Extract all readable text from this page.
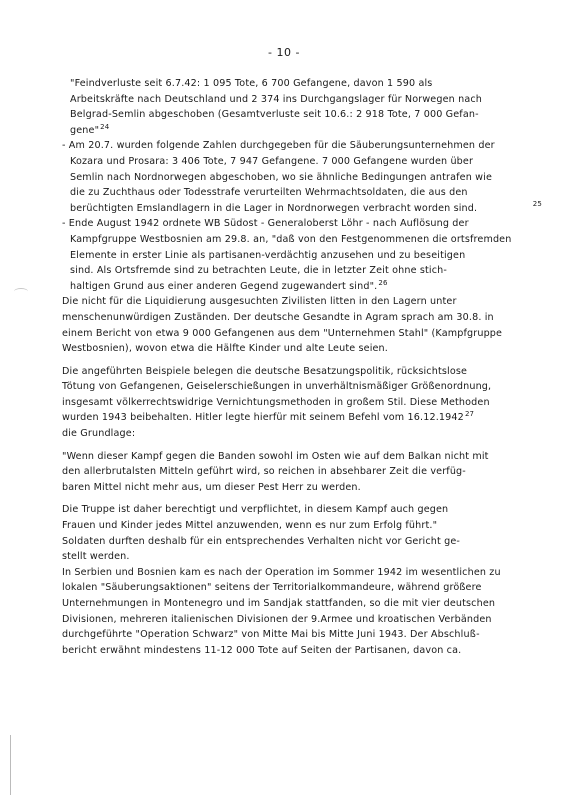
- 10 -
"Feindverluste seit 6.7.42: 1 095 Tote, 6 700 Gefangene, davon 1 590 als
Arbeitskräfte nach Deutschland und 2 374 ins Durchgangslager für Norwegen nach
Belgrad-Semlin abgeschoben (Gesamtverluste seit 10.6.: 2 918 Tote, 7 000 Gefan-
gene"$^{24}$
- Am 20.7. wurden folgende Zahlen durchgegeben für die Säuberungsunternehmen der
Kozara und Prosara: 3 406 Tote, 7 947 Gefangene. 7 000 Gefangene wurden über
Semlin nach Nordnorwegen abgeschoben, wo sie ähnliche Bedingungen antrafen wie
die zu Zuchthaus oder Todesstrafe verurteilten Wehrmachtsoldaten, die aus den
berüchtigten Emslandlagern in die Lager in Nordnorwegen verbracht worden sind.	25
- Ende August 1942 ordnete WB Südost - Generaloberst Löhr - nach Auflösung der
Kampfgruppe Westbosnien am 29.8. an, "daß von den Festgenommenen die ortsfremden
Elemente in erster Linie als partisanen-verdächtig anzusehen und zu beseitigen
sind. Als Ortsfremde sind zu betrachten Leute, die in letzter Zeit ohne stich-
haltigen Grund aus einer anderen Gegend zugewandert sind".$^{26}$
Die nicht für die Liquidierung ausgesuchten Zivilisten litten in den Lagern unter
menschenunwürdigen Zuständen. Der deutsche Gesandte in Agram sprach am 30.8. in
einem Bericht von etwa 9 000 Gefangenen aus dem "Unternehmen Stahl" (Kampfgruppe
Westbosnien), wovon etwa die Hälfte Kinder und alte Leute seien.
Die angeführten Beispiele belegen die deutsche Besatzungspolitik, rücksichtslose
Tötung von Gefangenen, Geiselerschießungen in unverhältnismäßiger Größenordnung,
insgesamt völkerrechtswidrige Vernichtungsmethoden in großem Stil. Diese Methoden
wurden 1943 beibehalten. Hitler legte hierfür mit seinem Befehl vom 16.12.1942$^{27}$
die Grundlage:
"Wenn dieser Kampf gegen die Banden sowohl im Osten wie auf dem Balkan nicht mit
den allerbrutalsten Mitteln geführt wird, so reichen in absehbarer Zeit die verfüg-
baren Mittel nicht mehr aus, um dieser Pest Herr zu werden.
Die Truppe ist daher berechtigt und verpflichtet, in diesem Kampf auch gegen
Frauen und Kinder jedes Mittel anzuwenden, wenn es nur zum Erfolg führt."
Soldaten durften deshalb für ein entsprechendes Verhalten nicht vor Gericht ge-
stellt werden.
In Serbien und Bosnien kam es nach der Operation im Sommer 1942 im wesentlichen zu
lokalen "Säuberungsaktionen" seitens der Territorialkommandeure, während größere
Unternehmungen in Montenegro und im Sandjak stattfanden, so die mit vier deutschen
Divisionen, mehreren italienischen Divisionen der 9.Armee und kroatischen Verbänden
durchgeführte "Operation Schwarz" von Mitte Mai bis Mitte Juni 1943. Der Abschluß-
bericht erwähnt mindestens 11-12 000 Tote auf Seiten der Partisanen, davon ca.
